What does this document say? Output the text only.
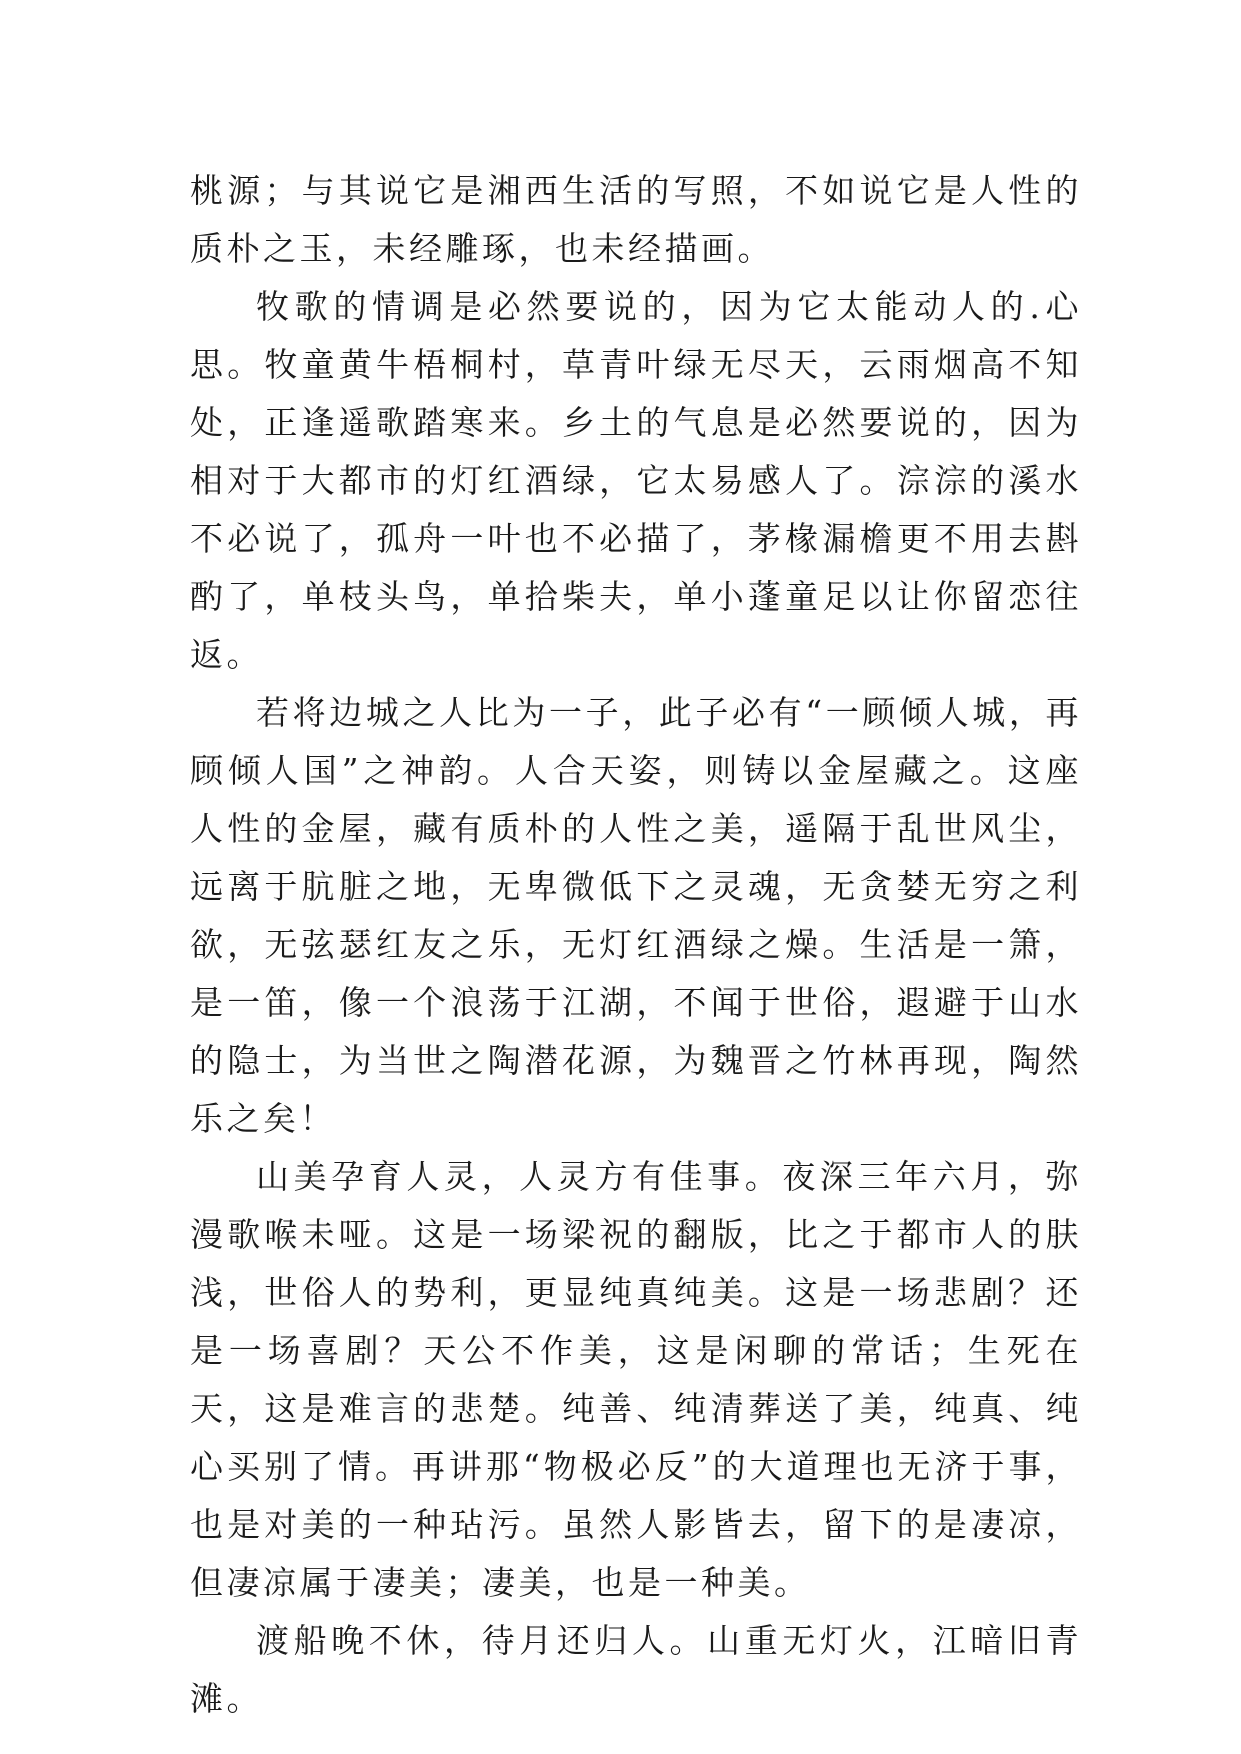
桃源；与其说它是湘西生活的写照，不如说它是人性的质朴之玉，未经雕琢，也未经描画。

牧歌的情调是必然要说的，因为它太能动人的.心思。牧童黄牛梧桐村，草青叶绿无尽天，云雨烟高不知处，正逢遥歌踏寒来。乡土的气息是必然要说的，因为相对于大都市的灯红酒绿，它太易感人了。淙淙的溪水不必说了，孤舟一叶也不必描了，茅椽漏檐更不用去斟酌了，单枝头鸟，单拾柴夫，单小蓬童足以让你留恋往返。

若将边城之人比为一子，此子必有“一顾倾人城，再顾倾人国”之神韵。人合天姿，则铸以金屋藏之。这座人性的金屋，藏有质朴的人性之美，遥隔于乱世风尘，远离于肮脏之地，无卑微低下之灵魂，无贪婪无穷之利欲，无弦瑟红友之乐，无灯红酒绿之燥。生活是一箫，是一笛，像一个浪荡于江湖，不闻于世俗，遐避于山水的隐士，为当世之陶潜花源，为魏晋之竹林再现，陶然乐之矣！

山美孕育人灵，人灵方有佳事。夜深三年六月，弥漫歌喉未哑。这是一场梁祝的翻版，比之于都市人的肤浅，世俗人的势利，更显纯真纯美。这是一场悲剧？还是一场喜剧？天公不作美，这是闲聊的常话；生死在天，这是难言的悲楚。纯善、纯清葬送了美，纯真、纯心买别了情。再讲那“物极必反”的大道理也无济于事，也是对美的一种玷污。虽然人影皆去，留下的是凄凉，但凄凉属于凄美；凄美，也是一种美。

渡船晚不休，待月还归人。山重无灯火，江暗旧青滩。
